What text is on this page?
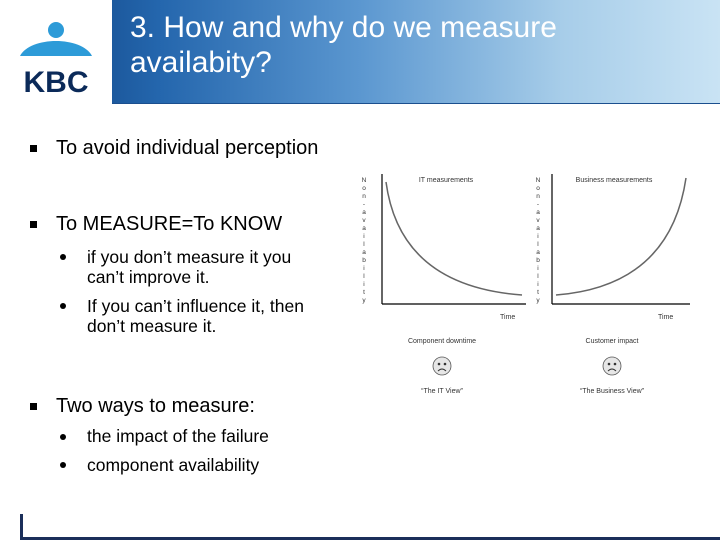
KBC
3. How and why do we measure
availabity?
To avoid individual perception
To MEASURE=To KNOW
if you don’t measure it you
can’t improve it.
If you can’t influence it, then
don’t measure it.
Two ways to measure:
the impact of the failure
component availability
N
o
n
-
a
v
a
i
l
a
b
i
l
i
t
y
IT measurements
Time
Component downtime
“The IT View”
N
o
n
-
a
v
a
i
l
a
b
i
l
i
t
y
Business measurements
Time
Customer impact
“The Business View”
